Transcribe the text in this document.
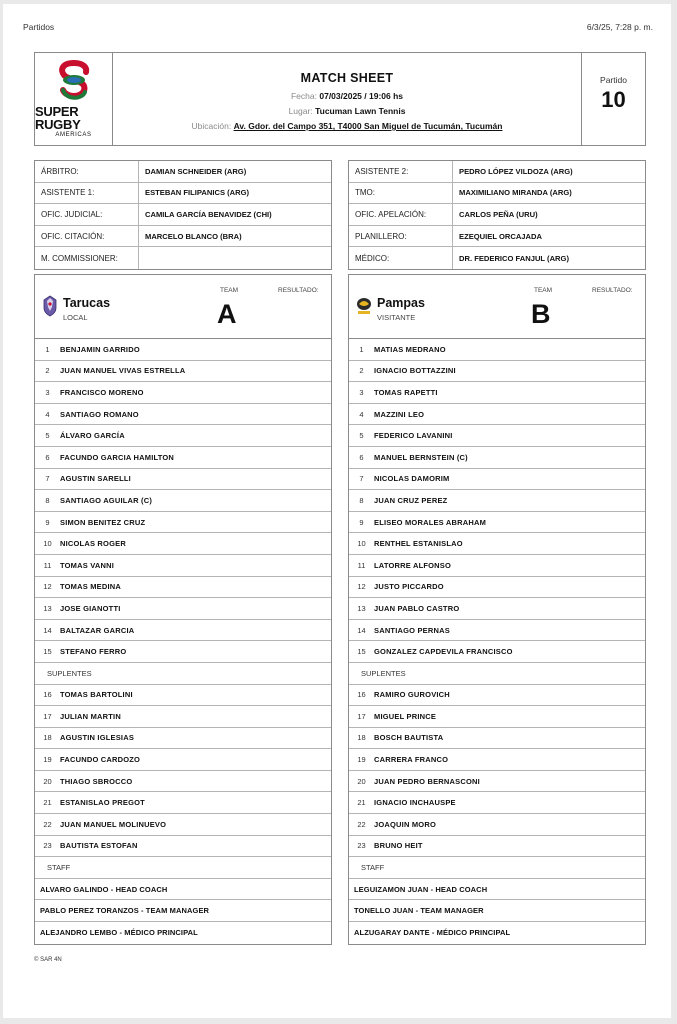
Partidos	6/3/25, 7:28 p. m.
SUPER RUGBY
AMERICAS
MATCH SHEET
Fecha: 07/03/2025 / 19:06 hs
Lugar: Tucuman Lawn Tennis
Ubicación: Av. Gdor. del Campo 351, T4000 San Miguel de Tucumán, Tucumán
Partido
10
ÁRBITRO:	DAMIAN SCHNEIDER (ARG)
ASISTENTE 1:	ESTEBAN FILIPANICS (ARG)
OFIC. JUDICIAL:	CAMILA GARCÍA BENAVIDEZ (CHI)
OFIC. CITACIÓN:	MARCELO BLANCO (BRA)
M. COMMISSIONER:
ASISTENTE 2:	PEDRO LÓPEZ VILDOZA (ARG)
TMO:	MAXIMILIANO MIRANDA (ARG)
OFIC. APELACIÓN:	CARLOS PEÑA (URU)
PLANILLERO:	EZEQUIEL ORCAJADA
MÉDICO:	DR. FEDERICO FANJUL (ARG)
Tarucas
LOCAL
TEAM	RESULTADO:
A
1	BENJAMIN GARRIDO
2	JUAN MANUEL VIVAS ESTRELLA
3	FRANCISCO MORENO
4	SANTIAGO ROMANO
5	ÁLVARO GARCÍA
6	FACUNDO GARCIA HAMILTON
7	AGUSTIN SARELLI
8	SANTIAGO AGUILAR (C)
9	SIMON BENITEZ CRUZ
10	NICOLAS ROGER
11	TOMAS VANNI
12	TOMAS MEDINA
13	JOSE GIANOTTI
14	BALTAZAR GARCIA
15	STEFANO FERRO
SUPLENTES
16	TOMAS BARTOLINI
17	JULIAN MARTIN
18	AGUSTIN IGLESIAS
19	FACUNDO CARDOZO
20	THIAGO SBROCCO
21	ESTANISLAO PREGOT
22	JUAN MANUEL MOLINUEVO
23	BAUTISTA ESTOFAN
STAFF
ALVARO GALINDO - HEAD COACH
PABLO PEREZ TORANZOS - TEAM MANAGER
ALEJANDRO LEMBO - MÉDICO PRINCIPAL
Pampas
VISITANTE
TEAM	RESULTADO:
B
1	MATIAS MEDRANO
2	IGNACIO BOTTAZZINI
3	TOMAS RAPETTI
4	MAZZINI LEO
5	FEDERICO LAVANINI
6	MANUEL BERNSTEIN (C)
7	NICOLAS DAMORIM
8	JUAN CRUZ PEREZ
9	ELISEO MORALES ABRAHAM
10	RENTHEL ESTANISLAO
11	LATORRE ALFONSO
12	JUSTO PICCARDO
13	JUAN PABLO CASTRO
14	SANTIAGO PERNAS
15	GONZALEZ CAPDEVILA FRANCISCO
SUPLENTES
16	RAMIRO GUROVICH
17	MIGUEL PRINCE
18	BOSCH BAUTISTA
19	CARRERA FRANCO
20	JUAN PEDRO BERNASCONI
21	IGNACIO INCHAUSPE
22	JOAQUIN MORO
23	BRUNO HEIT
STAFF
LEGUIZAMON JUAN - HEAD COACH
TONELLO JUAN - TEAM MANAGER
ALZUGARAY DANTE - MÉDICO PRINCIPAL
© SAR 4N
